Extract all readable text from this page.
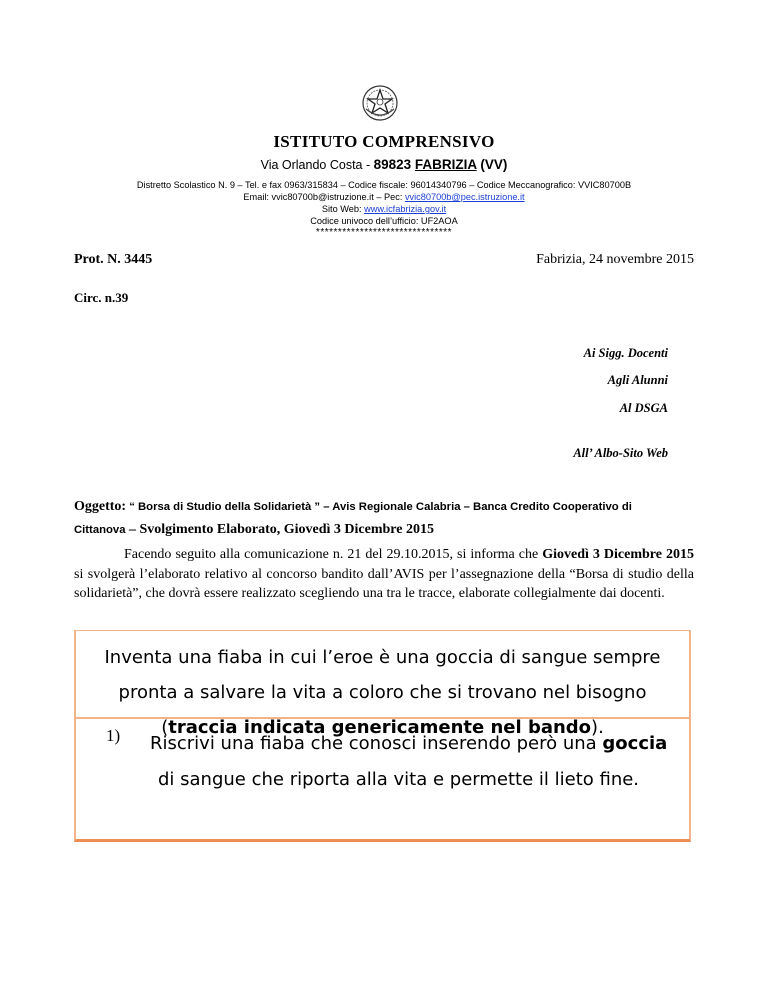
ISTITUTO COMPRENSIVO
Via Orlando Costa - 89823 FABRIZIA (VV)
Distretto Scolastico N. 9 – Tel. e fax 0963/315834 – Codice fiscale: 96014340796 – Codice Meccanografico: VVIC80700B
Email: vvic80700b@istruzione.it – Pec: vvic80700b@pec.istruzione.it
Sito Web: www.icfabrizia.gov.it
Codice univoco dell’ufficio: UF2AOA
*******************************
Prot. N. 3445	Fabrizia, 24 novembre 2015
Circ. n.39
Ai Sigg. Docenti
Agli Alunni
Al DSGA
All’ Albo-Sito Web
Oggetto: “ Borsa di Studio della Solidarietà ” – Avis Regionale Calabria – Banca Credito Cooperativo di
Cittanova – Svolgimento Elaborato, Giovedì 3 Dicembre 2015
Facendo seguito alla comunicazione n. 21 del 29.10.2015, si informa che Giovedì 3 Dicembre 2015 si svolgerà l’elaborato relativo al concorso bandito dall’AVIS per l’assegnazione della “Borsa di studio della solidarietà”, che dovrà essere realizzato scegliendo una tra le tracce, elaborate collegialmente dai docenti.
Inventa una fiaba in cui l’eroe è una goccia di sangue sempre
pronta a salvare la vita a coloro che si trovano nel bisogno
(traccia indicata genericamente nel bando).
1) Riscrivi una fiaba che conosci inserendo però una goccia
di sangue che riporta alla vita e permette il lieto fine.
